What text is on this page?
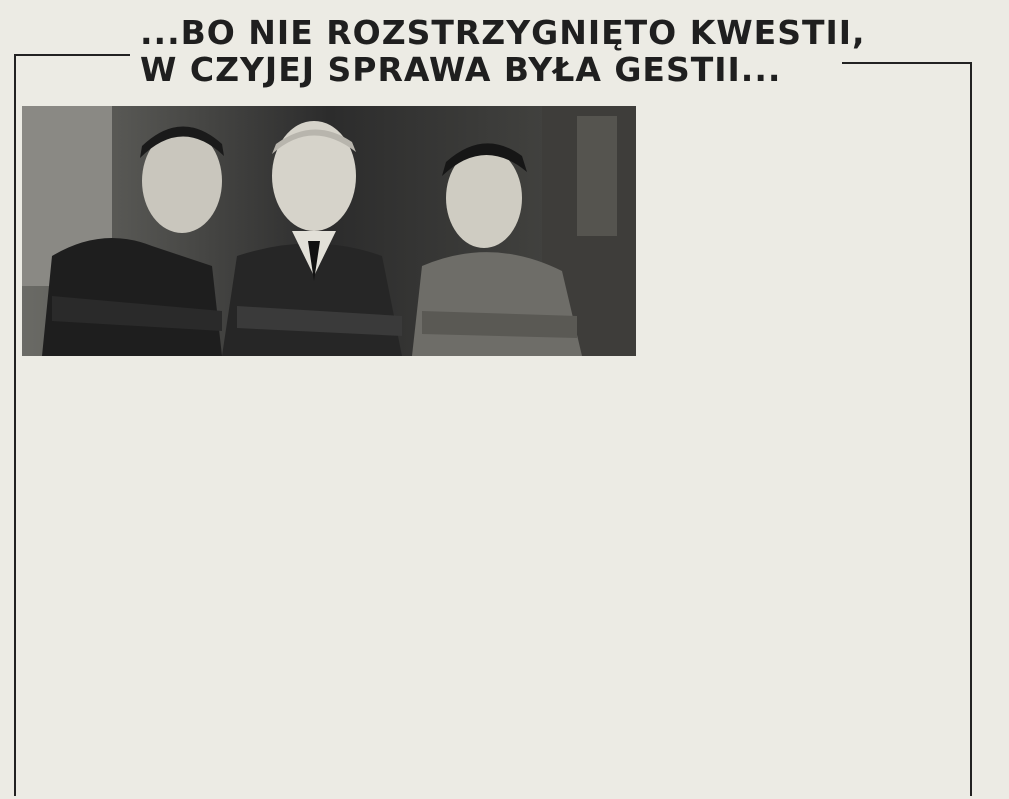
...BO NIE ROZSTRZYGNIĘTO KWESTII,
W CZYJEJ SPRAWA BYŁA GESTII...
